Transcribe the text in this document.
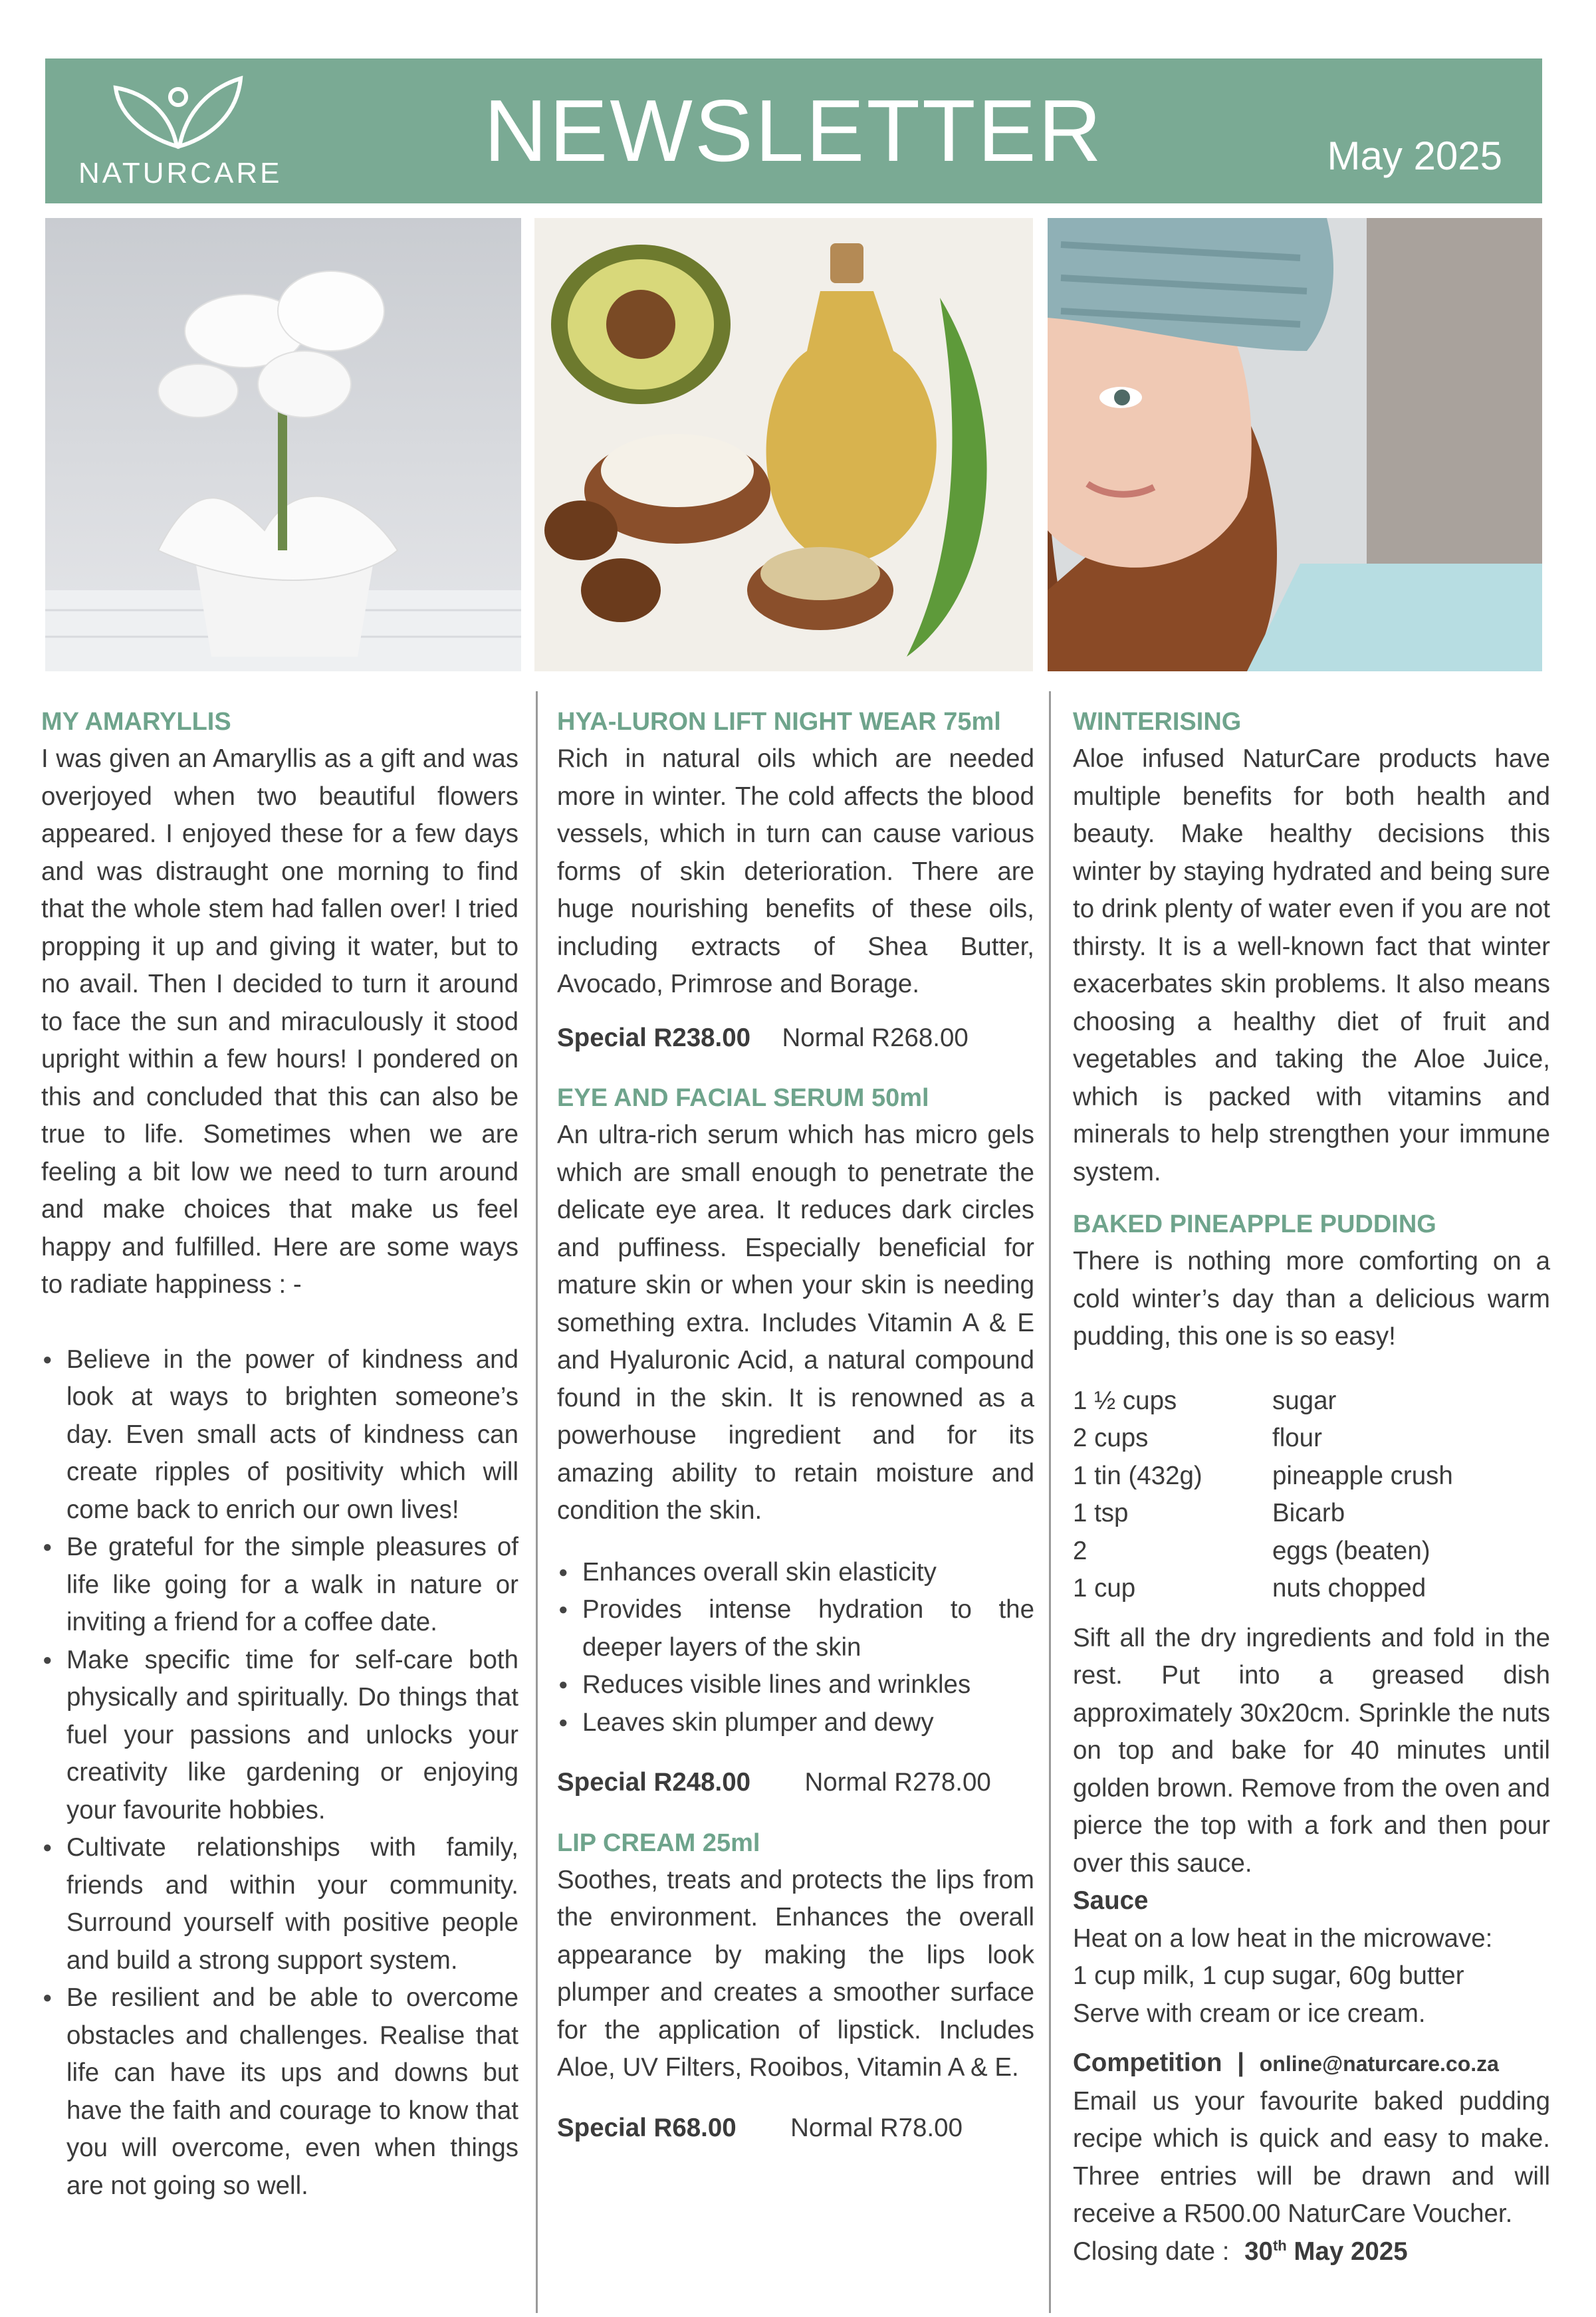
NATURCARE	NEWSLETTER	May 2025
MY AMARYLLIS

I was given an Amaryllis as a gift and was overjoyed when two beautiful flowers appeared. I enjoyed these for a few days and was distraught one morning to find that the whole stem had fallen over! I tried propping it up and giving it water, but to no avail. Then I decided to turn it around to face the sun and miraculously it stood upright within a few hours! I pondered on this and concluded that this can also be true to life. Sometimes when we are feeling a bit low we need to turn around and make choices that make us feel happy and fulfilled. Here are some ways to radiate happiness : -

● Believe in the power of kindness and look at ways to brighten someone’s day. Even small acts of kindness can create ripples of positivity which will come back to enrich our own lives!
● Be grateful for the simple pleasures of life like going for a walk in nature or inviting a friend for a coffee date.
● Make specific time for self-care both physically and spiritually. Do things that fuel your passions and unlocks your creativity like gardening or enjoying your favourite hobbies.
● Cultivate relationships with family, friends and within your community. Surround yourself with positive people and build a strong support system.
● Be resilient and be able to overcome obstacles and challenges. Realise that life can have its ups and downs but have the faith and courage to know that you will overcome, even when things are not going so well.
HYA-LURON LIFT NIGHT WEAR 75ml

Rich in natural oils which are needed more in winter. The cold affects the blood vessels, which in turn can cause various forms of skin deterioration. There are huge nourishing benefits of these oils, including extracts of Shea Butter, Avocado, Primrose and Borage.

Special R238.00 Normal R268.00

EYE AND FACIAL SERUM 50ml

An ultra-rich serum which has micro gels which are small enough to penetrate the delicate eye area. It reduces dark circles and puffiness. Especially beneficial for mature skin or when your skin is needing something extra. Includes Vitamin A & E and Hyaluronic Acid, a natural compound found in the skin. It is renowned as a powerhouse ingredient and for its amazing ability to retain moisture and condition the skin.

● Enhances overall skin elasticity
● Provides intense hydration to the deeper layers of the skin
● Reduces visible lines and wrinkles
● Leaves skin plumper and dewy

Special R248.00 Normal R278.00

LIP CREAM 25ml

Soothes, treats and protects the lips from the environment. Enhances the overall appearance by making the lips look plumper and creates a smoother surface for the application of lipstick. Includes Aloe, UV Filters, Rooibos, Vitamin A & E.

Special R68.00 Normal R78.00

WINTERISING

Aloe infused NaturCare products have multiple benefits for both health and beauty. Make healthy decisions this winter by staying hydrated and being sure to drink plenty of water even if you are not thirsty. It is a well-known fact that winter exacerbates skin problems. It also means choosing a healthy diet of fruit and vegetables and taking the Aloe Juice, which is packed with vitamins and minerals to help strengthen your immune system.

BAKED PINEAPPLE PUDDING

There is nothing more comforting on a cold winter’s day than a delicious warm pudding, this one is so easy!

1 ½ cups	sugar
2 cups	flour
1 tin (432g)	pineapple crush
1 tsp	Bicarb
2	eggs (beaten)
1 cup	nuts chopped

Sift all the dry ingredients and fold in the rest. Put into a greased dish approximately 30x20cm. Sprinkle the nuts on top and bake for 40 minutes until golden brown. Remove from the oven and pierce the top with a fork and then pour over this sauce.

Sauce

Heat on a low heat in the microwave:

1 cup milk, 1 cup sugar, 60g butter

Serve with cream or ice cream.

Competition | online@naturcare.co.za

Email us your favourite baked pudding recipe which is quick and easy to make. Three entries will be drawn and will receive a R500.00 NaturCare Voucher.

Closing date : 30th May 2025
